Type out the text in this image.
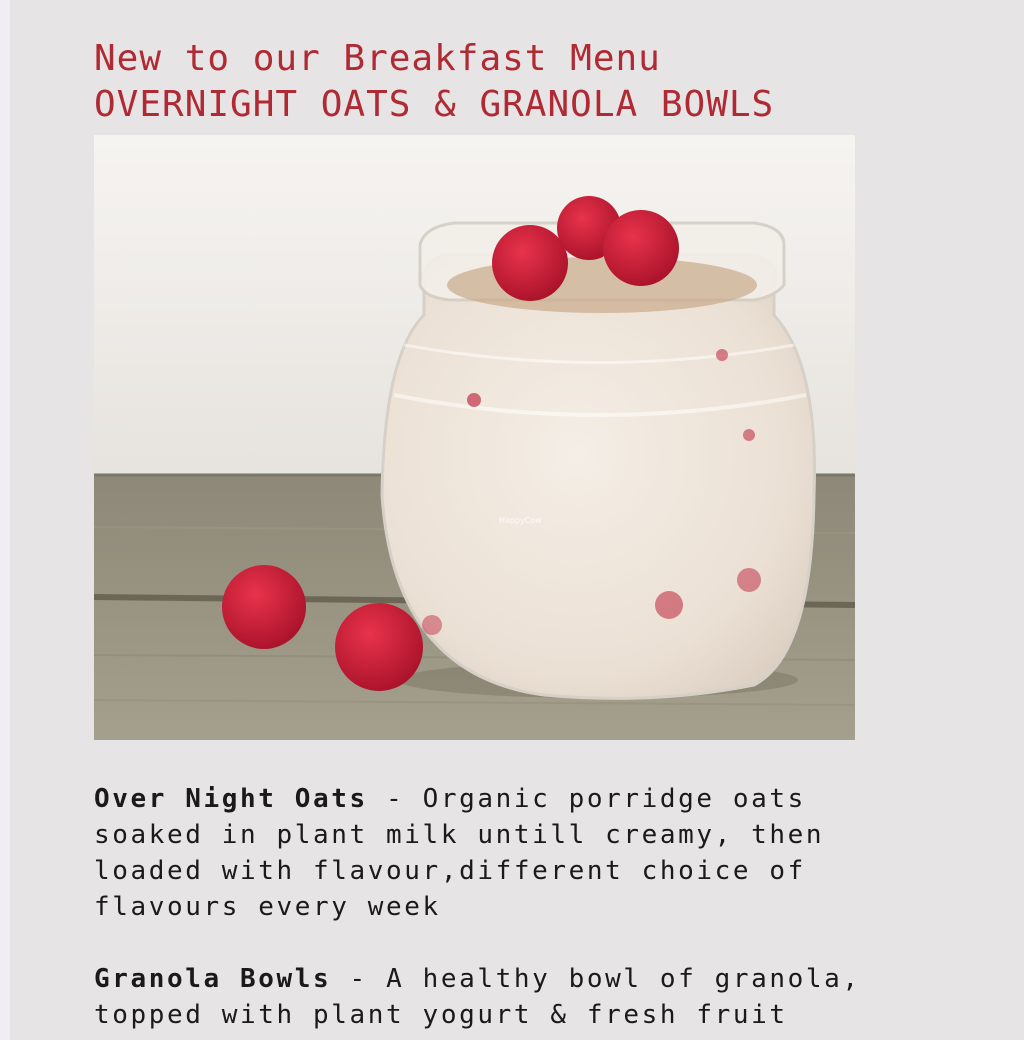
New to our Breakfast Menu
OVERNIGHT OATS & GRANOLA BOWLS
HappyCow

Over Night Oats - Organic porridge oats
soaked in plant milk untill creamy, then
loaded with flavour,different choice of
flavours every week

Granola Bowls - A healthy bowl of granola,
topped with plant yogurt & fresh fruit
